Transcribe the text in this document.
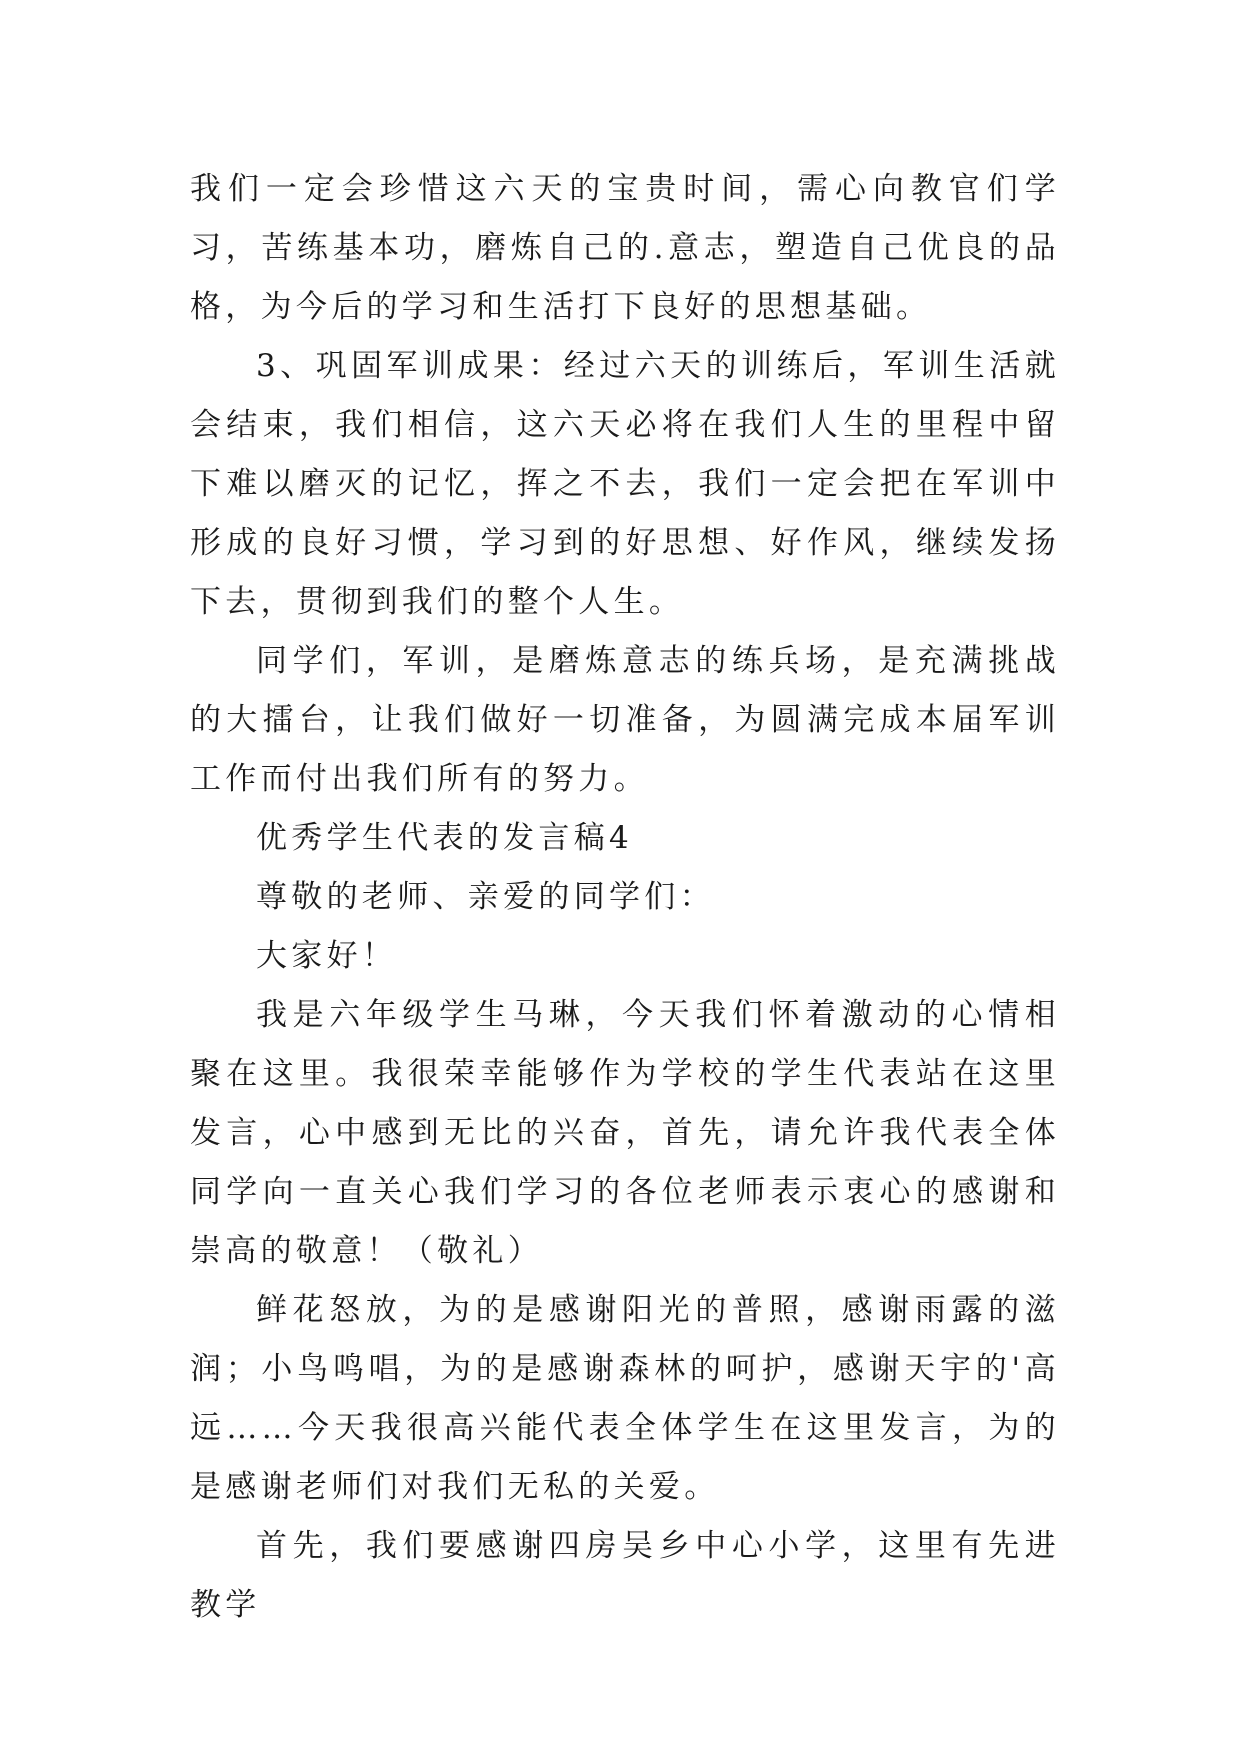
我们一定会珍惜这六天的宝贵时间，需心向教官们学习，苦练基本功，磨炼自己的.意志，塑造自己优良的品格，为今后的学习和生活打下良好的思想基础。

3、巩固军训成果：经过六天的训练后，军训生活就会结束，我们相信，这六天必将在我们人生的里程中留下难以磨灭的记忆，挥之不去，我们一定会把在军训中形成的良好习惯，学习到的好思想、好作风，继续发扬下去，贯彻到我们的整个人生。

同学们，军训，是磨炼意志的练兵场，是充满挑战的大擂台，让我们做好一切准备，为圆满完成本届军训工作而付出我们所有的努力。

优秀学生代表的发言稿4

尊敬的老师、亲爱的同学们：

大家好！

我是六年级学生马琳，今天我们怀着激动的心情相聚在这里。我很荣幸能够作为学校的学生代表站在这里发言，心中感到无比的兴奋，首先，请允许我代表全体同学向一直关心我们学习的各位老师表示衷心的感谢和崇高的敬意！（敬礼）

鲜花怒放，为的是感谢阳光的普照，感谢雨露的滋润；小鸟鸣唱，为的是感谢森林的呵护，感谢天宇的'高远……今天我很高兴能代表全体学生在这里发言，为的是感谢老师们对我们无私的关爱。

首先，我们要感谢四房吴乡中心小学，这里有先进教学
